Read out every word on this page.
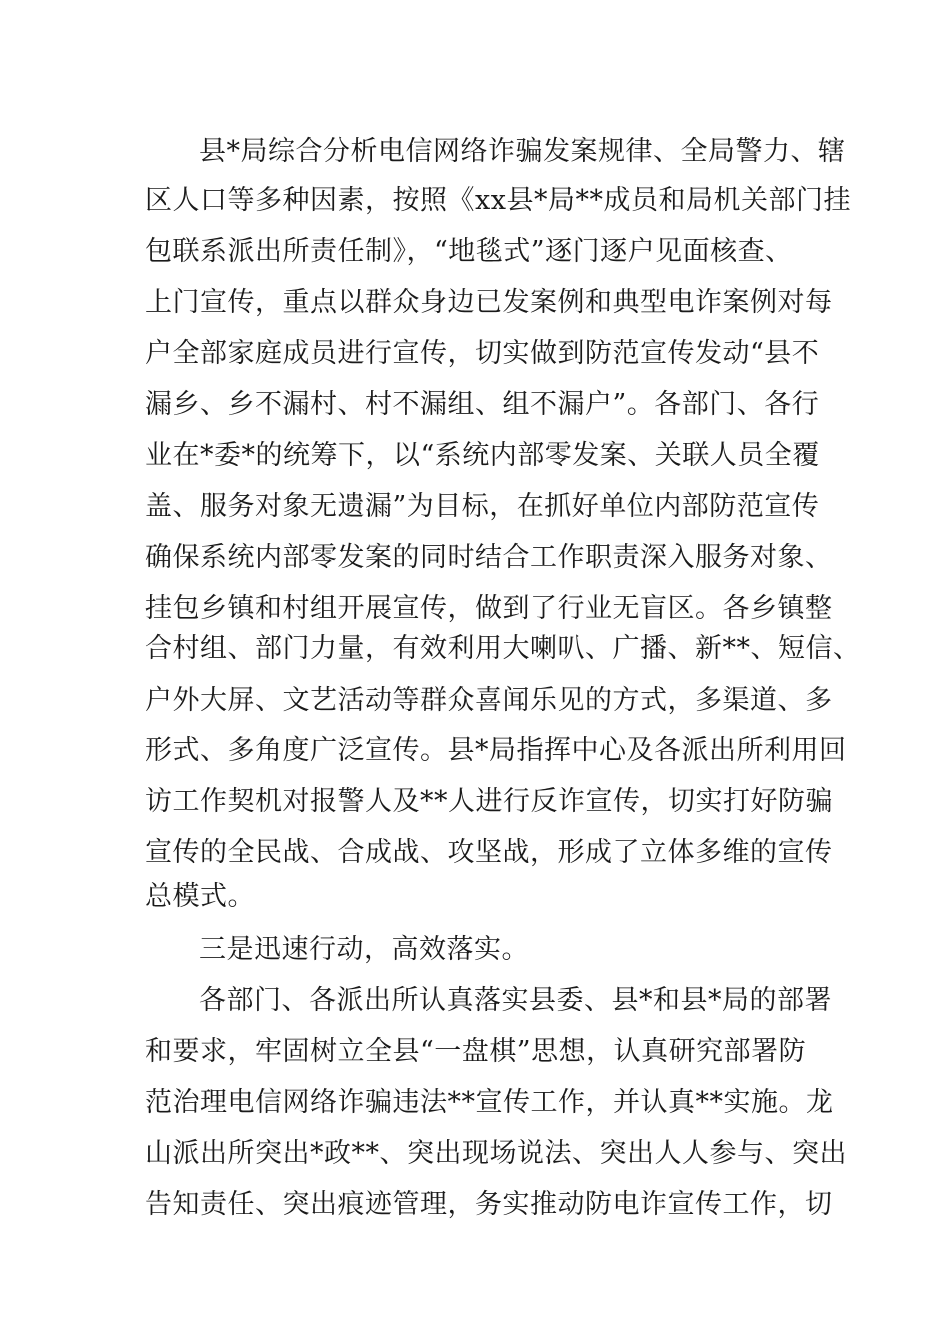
县*局综合分析电信网络诈骗发案规律、全局警力、辖

区人口等多种因素，按照《xx县*局**成员和局机关部门挂

包联系派出所责任制》，“地毯式”逐门逐户见面核查、

上门宣传，重点以群众身边已发案例和典型电诈案例对每

户全部家庭成员进行宣传，切实做到防范宣传发动“县不

漏乡、乡不漏村、村不漏组、组不漏户”。各部门、各行

业在*委*的统筹下，以“系统内部零发案、关联人员全覆

盖、服务对象无遗漏”为目标，在抓好单位内部防范宣传

确保系统内部零发案的同时结合工作职责深入服务对象、

挂包乡镇和村组开展宣传，做到了行业无盲区。各乡镇整

合村组、部门力量，有效利用大喇叭、广播、新**、短信、

户外大屏、文艺活动等群众喜闻乐见的方式，多渠道、多

形式、多角度广泛宣传。县*局指挥中心及各派出所利用回

访工作契机对报警人及**人进行反诈宣传，切实打好防骗

宣传的全民战、合成战、攻坚战，形成了立体多维的宣传

总模式。

三是迅速行动，高效落实。

各部门、各派出所认真落实县委、县*和县*局的部署

和要求，牢固树立全县“一盘棋”思想，认真研究部署防

范治理电信网络诈骗违法**宣传工作，并认真**实施。龙

山派出所突出*政**、突出现场说法、突出人人参与、突出

告知责任、突出痕迹管理，务实推动防电诈宣传工作，切
